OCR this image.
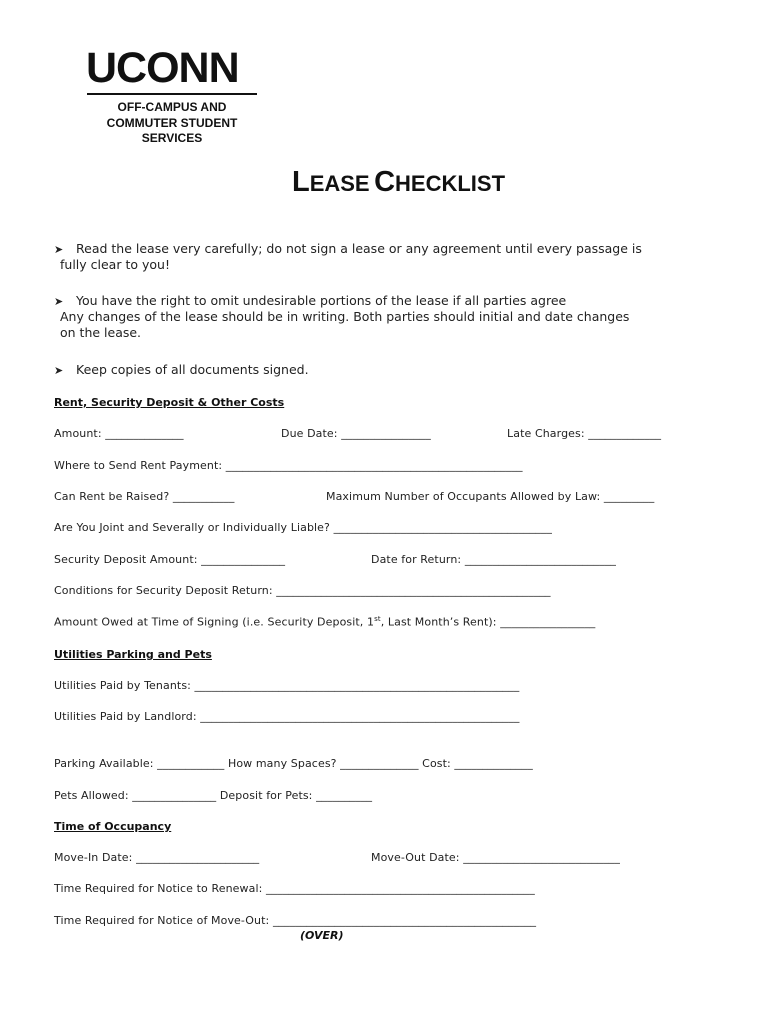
UCONN
OFF-CAMPUS AND
COMMUTER STUDENT
SERVICES
LEASE CHECKLIST
➤ Read the lease very carefully; do not sign a lease or any agreement until every passage is
fully clear to you!
➤ You have the right to omit undesirable portions of the lease if all parties agree
Any changes of the lease should be in writing. Both parties should initial and date changes
on the lease.
➤ Keep copies of all documents signed.
Rent, Security Deposit & Other Costs
Amount: ______________	Due Date: ________________	Late Charges: _____________
Where to Send Rent Payment: _____________________________________________________
Can Rent be Raised? ___________	Maximum Number of Occupants Allowed by Law: _________
Are You Joint and Severally or Individually Liable? _______________________________________
Security Deposit Amount: _______________	Date for Return: ___________________________
Conditions for Security Deposit Return: _________________________________________________
Amount Owed at Time of Signing (i.e. Security Deposit, 1st, Last Month’s Rent): _________________
Utilities Parking and Pets
Utilities Paid by Tenants: __________________________________________________________
Utilities Paid by Landlord: _________________________________________________________
Parking Available: ____________ How many Spaces? ______________ Cost: ______________
Pets Allowed: _______________ Deposit for Pets: __________
Time of Occupancy
Move-In Date: ______________________	Move-Out Date: ____________________________
Time Required for Notice to Renewal: ________________________________________________
Time Required for Notice of Move-Out: _______________________________________________
(OVER)
